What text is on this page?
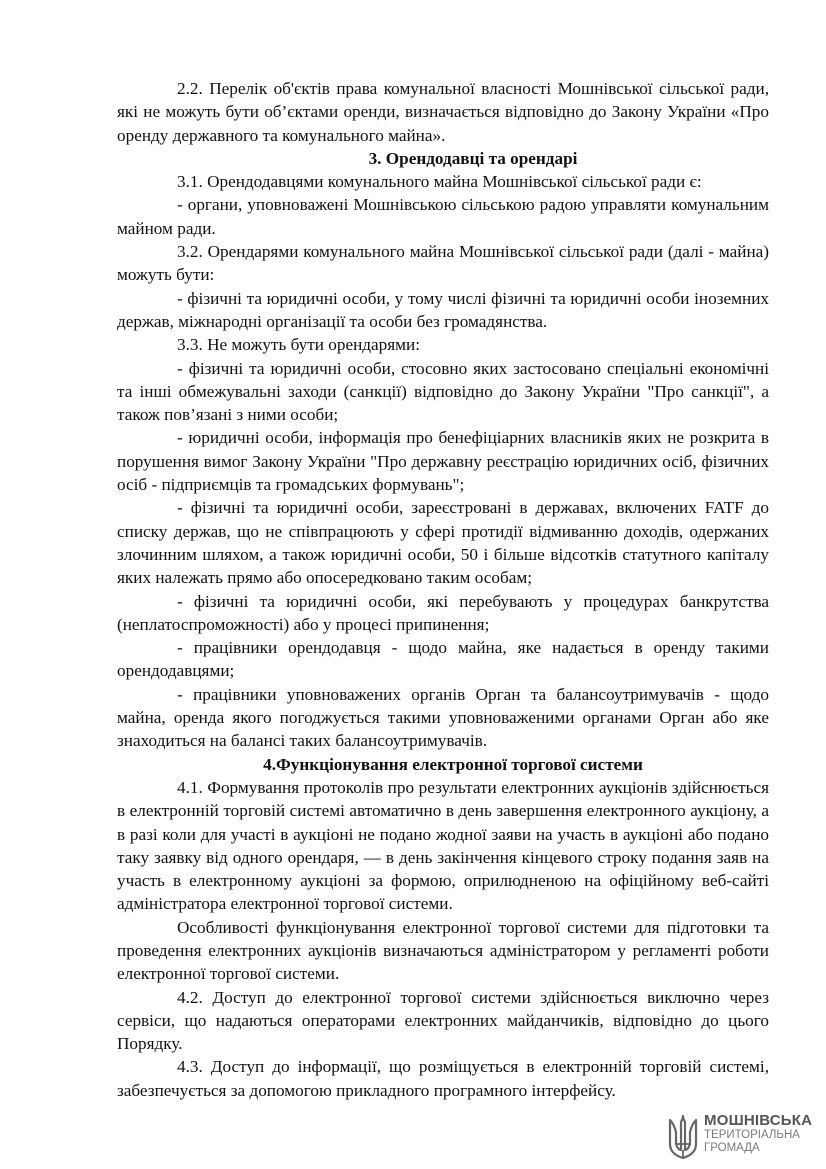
2.2. Перелік об'єктів права комунальної власності Мошнівської сільської ради, які не можуть бути об’єктами оренди, визначається відповідно до Закону України «Про оренду державного та комунального майна».

3. Орендодавці та орендарі

3.1. Орендодавцями комунального майна Мошнівської сільської ради є:

- органи, уповноважені Мошнівською сільською радою управляти комунальним майном ради.

3.2. Орендарями комунального майна Мошнівської сільської ради (далі - майна) можуть бути:

- фізичні та юридичні особи, у тому числі фізичні та юридичні особи іноземних держав, міжнародні організації та особи без громадянства.

3.3. Не можуть бути орендарями:

- фізичні та юридичні особи, стосовно яких застосовано спеціальні економічні та інші обмежувальні заходи (санкції) відповідно до Закону України "Про санкції", а також пов’язані з ними особи;

- юридичні особи, інформація про бенефіціарних власників яких не розкрита в порушення вимог Закону України "Про державну реєстрацію юридичних осіб, фізичних осіб - підприємців та громадських формувань";

- фізичні та юридичні особи, зареєстровані в державах, включених FATF до списку держав, що не співпрацюють у сфері протидії відмиванню доходів, одержаних злочинним шляхом, а також юридичні особи, 50 і більше відсотків статутного капіталу яких належать прямо або опосередковано таким особам;

- фізичні та юридичні особи, які перебувають у процедурах банкрутства (неплатоспроможності) або у процесі припинення;

- працівники орендодавця - щодо майна, яке надається в оренду такими орендодавцями;

- працівники уповноважених органів Орган та балансоутримувачів - щодо майна, оренда якого погоджується такими уповноваженими органами Орган або яке знаходиться на балансі таких балансоутримувачів.

4.Функціонування електронної торгової системи

4.1. Формування протоколів про результати електронних аукціонів здійснюється в електронній торговій системі автоматично в день завершення електронного аукціону, а в разі коли для участі в аукціоні не подано жодної заяви на участь в аукціоні або подано таку заявку від одного орендаря, — в день закінчення кінцевого строку подання заяв на участь в електронному аукціоні за формою, оприлюдненою на офіційному веб-сайті адміністратора електронної торгової системи.

Особливості функціонування електронної торгової системи для підготовки та проведення електронних аукціонів визначаються адміністратором у регламенті роботи електронної торгової системи.

4.2. Доступ до електронної торгової системи здійснюється виключно через сервіси, що надаються операторами електронних майданчиків, відповідно до цього Порядку.

4.3. Доступ до інформації, що розміщується в електронній торговій системі, забезпечується за допомогою прикладного програмного інтерфейсу.

МОШНІВСЬКА
ТЕРИТОРІАЛЬНА
ГРОМАДА
